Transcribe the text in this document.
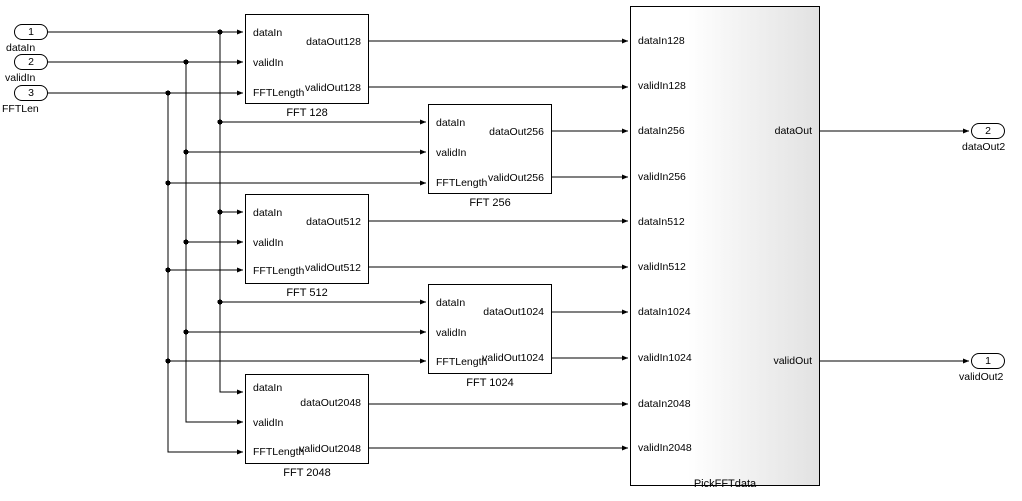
1
dataIn
2
validIn
3
FFTLen
2
dataOut2
1
validOut2
FFT 128
dataIn
validIn
FFTLength
dataOut128
validOut128
FFT 256
dataIn
validIn
FFTLength
dataOut256
validOut256
FFT 512
dataIn
validIn
FFTLength
dataOut512
validOut512
FFT 1024
dataIn
validIn
FFTLength
dataOut1024
validOut1024
FFT 2048
dataIn
validIn
FFTLength
dataOut2048
validOut2048
PickFFTdata
dataIn128
validIn128
dataIn256
validIn256
dataIn512
validIn512
dataIn1024
validIn1024
dataIn2048
validIn2048
dataOut
validOut
